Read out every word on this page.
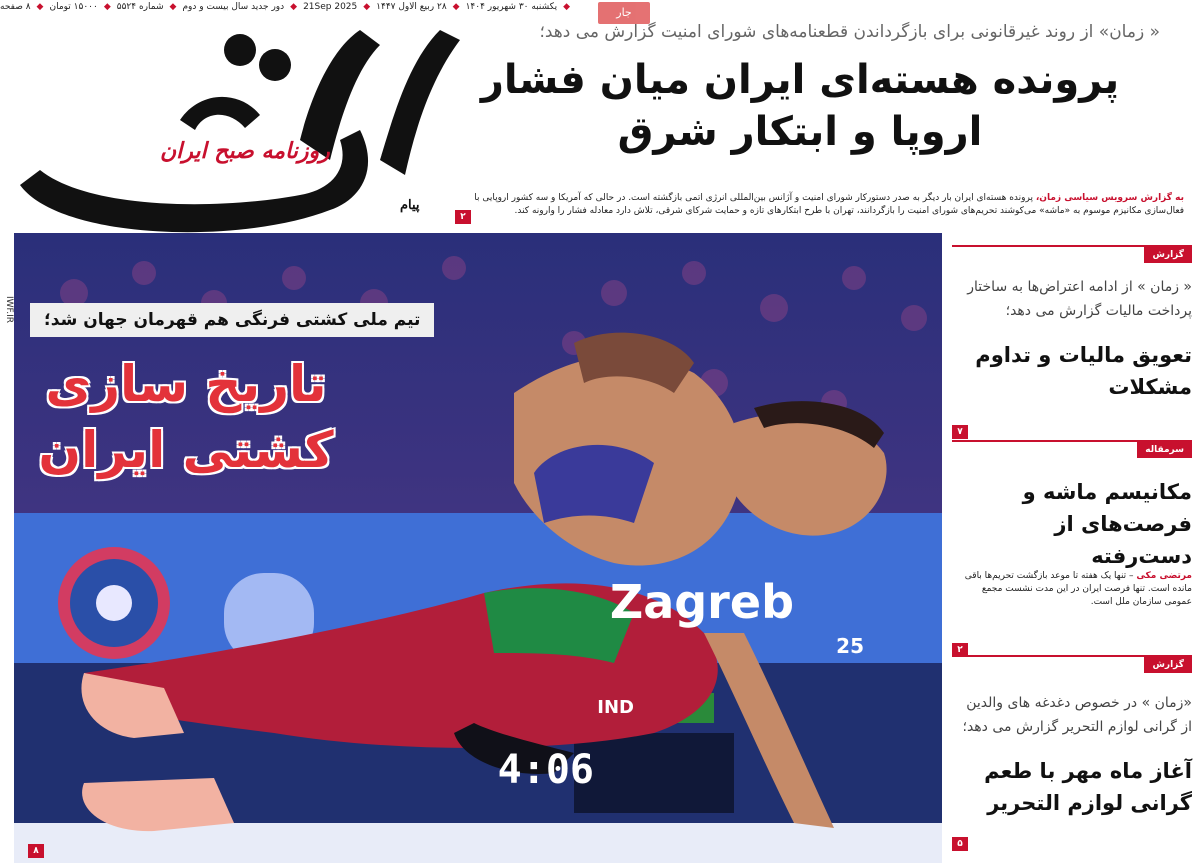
◆
یکشنبه ۳۰ شهریور ۱۴۰۴
◆
۲۸ ربیع الاول ۱۴۴۷
◆
21Sep 2025
◆
دور جدید سال بیست و دوم
◆
شماره ۵۵۲۴
◆
۱۵۰۰۰ تومان
◆
۸ صفحه
روزنامه صبح ایران
پیام
جار
« زمان» از روند غیرقانونی برای بازگرداندن قطعنامه‌های شورای امنیت گزارش می دهد؛
پرونده هسته‌ای ایران میان فشار
اروپا و ابتکار شرق
به گزارش سرویس سیاسی زمان، پرونده هسته‌ای ایران بار دیگر به صدر دستورکار شورای امنیت و آژانس بین‌المللی انرژی اتمی بازگشته است. در حالی که آمریکا و سه کشور اروپایی با فعال‌سازی مکانیزم موسوم به «ماشه» می‌کوشند تحریم‌های شورای امنیت را بازگردانند، تهران با طرح ابتکارهای تازه و حمایت شرکای شرقی، تلاش دارد معادله فشار را وارونه کند.
۲
IWF.IR
4:06
Zagreb
25
IND
تیم ملی کشتی فرنگی هم قهرمان جهان شد؛
تاریخ سازی
کشتی ایران
۸
گزارش
« زمان » از ادامه اعتراض‌ها به ساختار پرداخت مالیات گزارش می دهد؛
تعویق مالیات و تداوم مشکلات
۷
سرمقاله
مکانیسم ماشه و فرصت‌های از دست‌رفته
مرتضی مکی – تنها یک هفته تا موعد بازگشت تحریم‌ها باقی مانده است. تنها فرصت ایران در این مدت نشست مجمع عمومی سازمان ملل است.
۲
گزارش
«زمان » در خصوص دغدغه های والدین از گرانی لوازم التحریر گزارش می دهد؛
آغاز ماه مهر با طعم گرانی لوازم التحریر
۵
